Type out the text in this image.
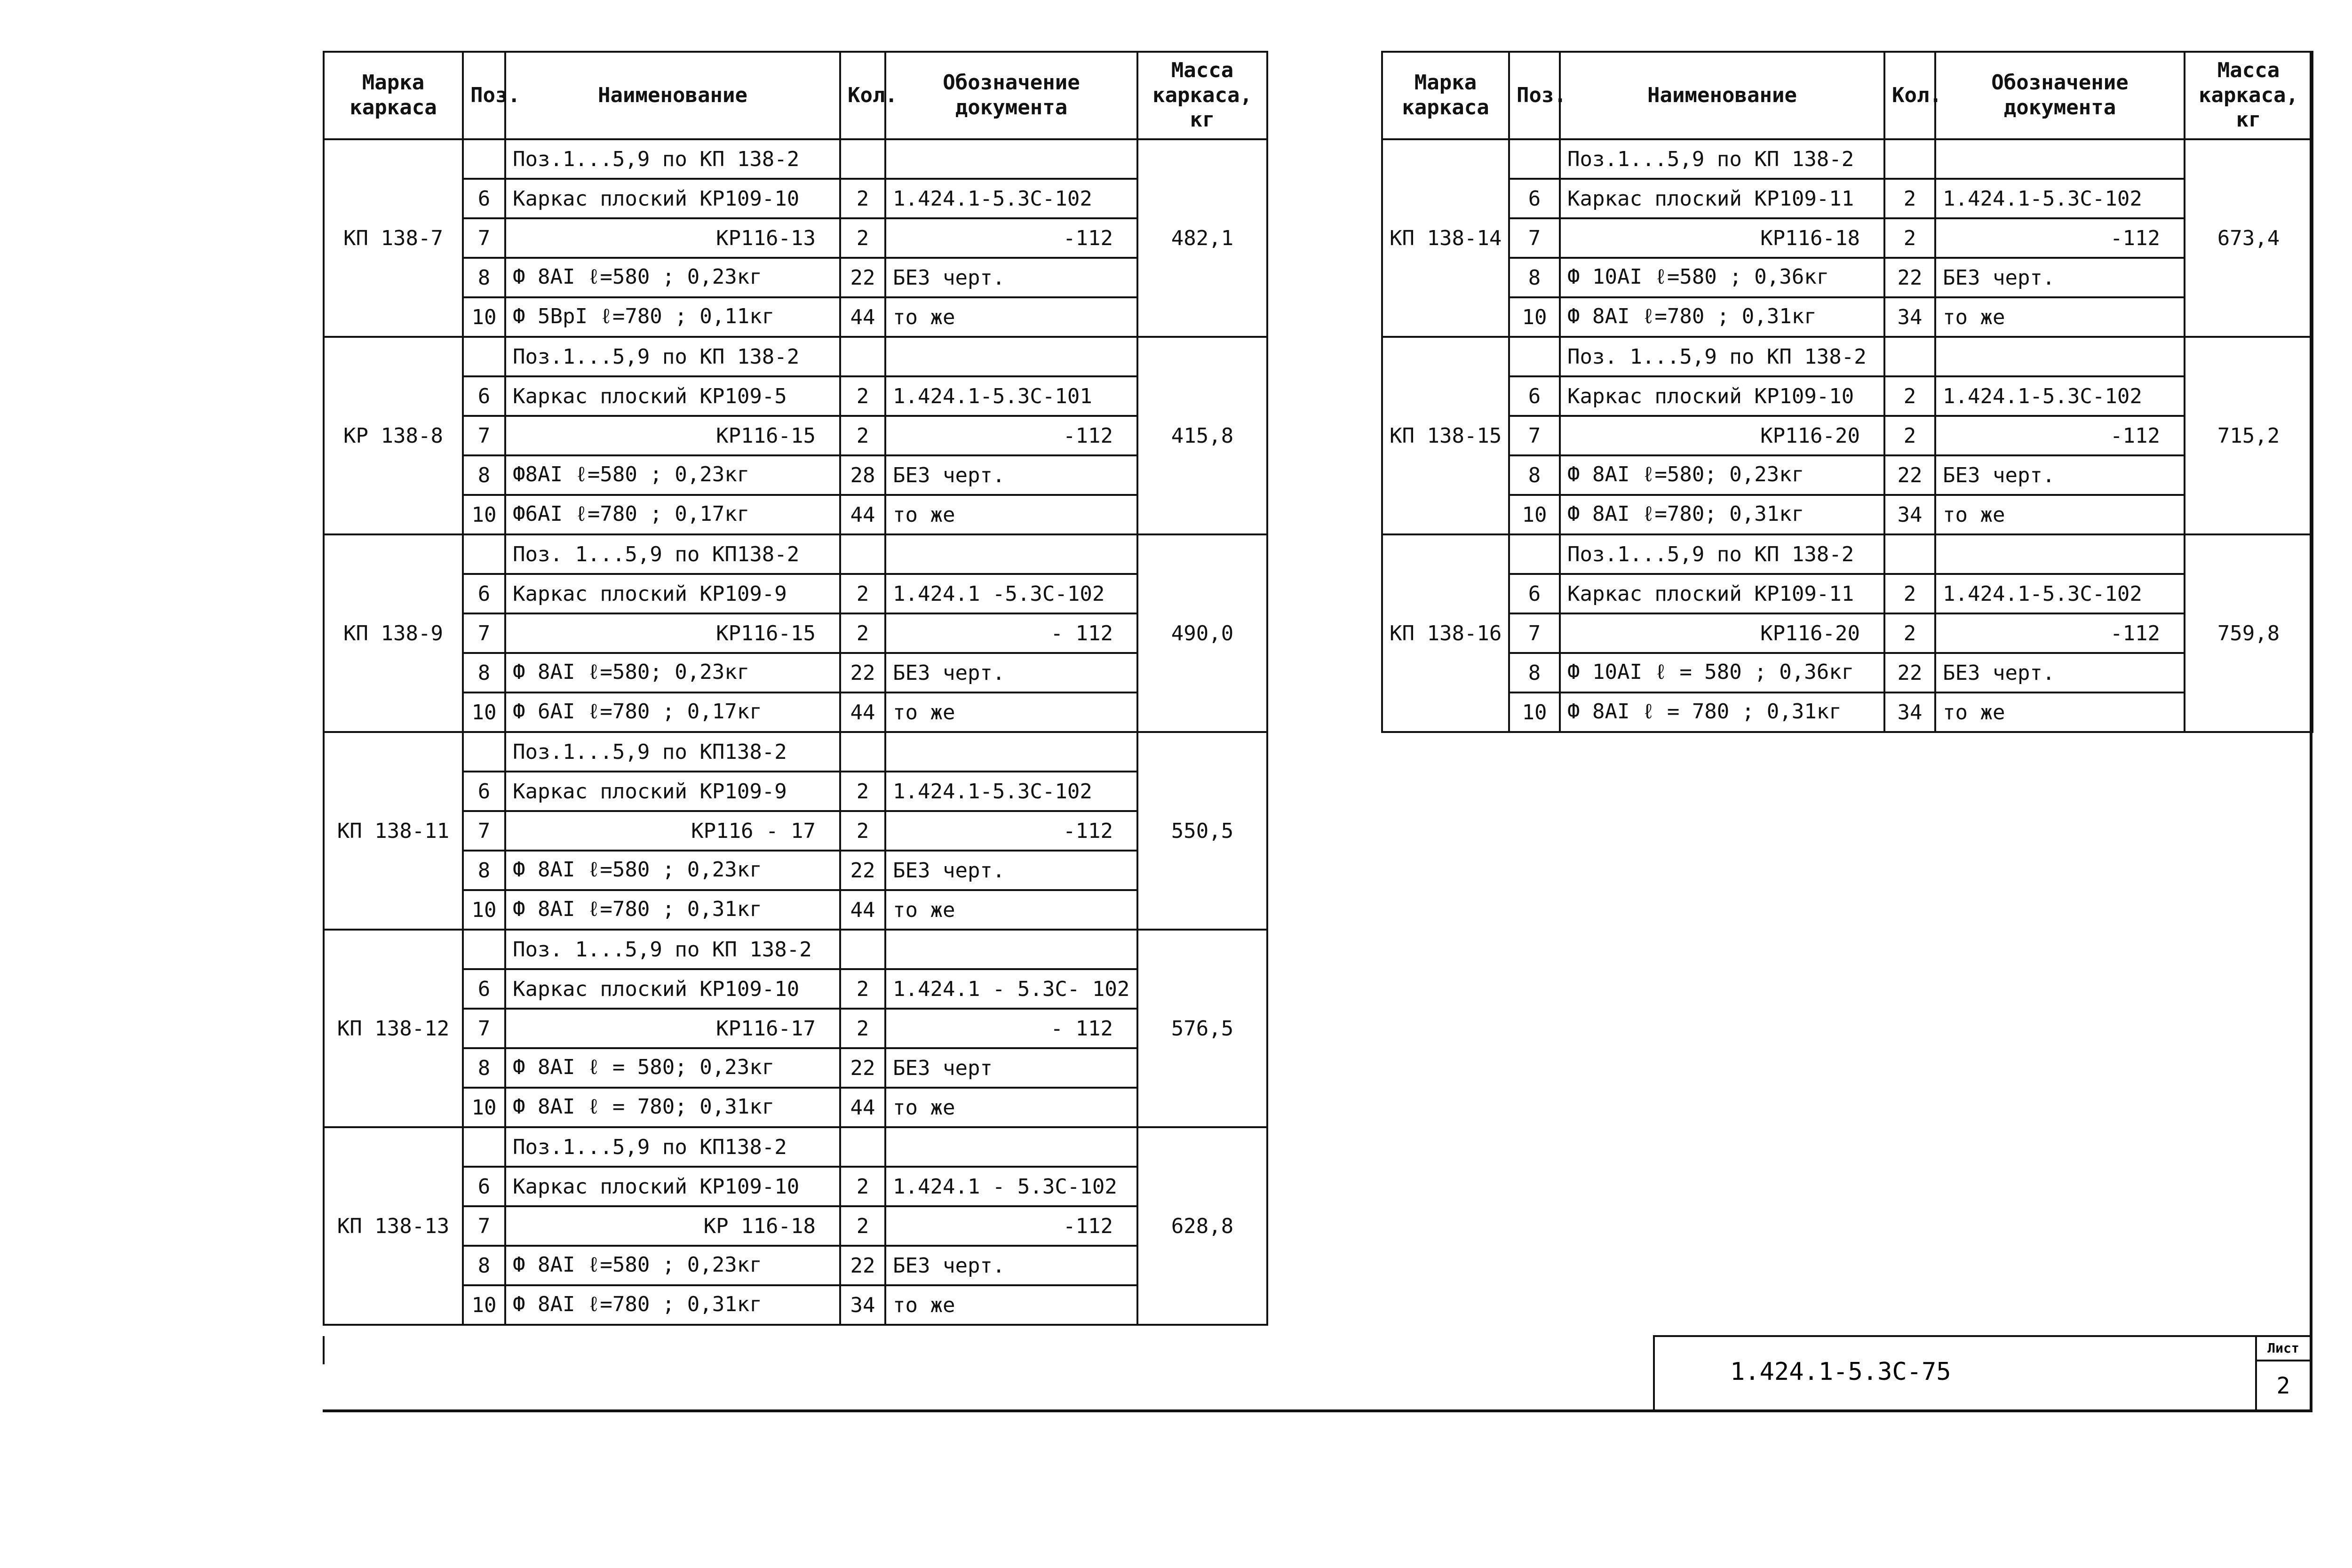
Марка каркаса	Поз.	Наименование	Кол.	Обозначение документа	Масса каркаса, кг
КП 138-7		Поз.1...5,9 по КП 138-2			482,1
	6	Каркас плоский КР109-10	2	1.424.1-5.3С-102	
	7	КР116-13	2	-112	
	8	Ф 8АI ℓ=580 ; 0,23кг	22	БЕЗ черт.	
	10	Ф 5ВрI ℓ=780 ; 0,11кг	44	то же	
КР 138-8		Поз.1...5,9 по КП 138-2			415,8
	6	Каркас плоский КР109-5	2	1.424.1-5.3С-101	
	7	КР116-15	2	-112	
	8	Ф8АI ℓ=580 ; 0,23кг	28	БЕЗ черт.	
	10	Ф6АI ℓ=780 ; 0,17кг	44	то же	
КП 138-9		Поз. 1...5,9 по КП138-2			490,0
	6	Каркас плоский КР109-9	2	1.424.1 -5.3С-102	
	7	КР116-15	2	- 112	
	8	Ф 8АI ℓ=580; 0,23кг	22	БЕЗ черт.	
	10	Ф 6АI ℓ=780 ; 0,17кг	44	то же	
КП 138-11		Поз.1...5,9 по КП138-2			550,5
	6	Каркас плоский КР109-9	2	1.424.1-5.3С-102	
	7	КР116 - 17	2	-112	
	8	Ф 8АI ℓ=580 ; 0,23кг	22	БЕЗ черт.	
	10	Ф 8АI ℓ=780 ; 0,31кг	44	то же	
КП 138-12		Поз. 1...5,9 по КП 138-2			576,5
	6	Каркас плоский КР109-10	2	1.424.1 - 5.3С- 102	
	7	КР116-17	2	- 112	
	8	Ф 8АI ℓ = 580; 0,23кг	22	БЕЗ черт	
	10	Ф 8АI ℓ = 780; 0,31кг	44	то же	
КП 138-13		Поз.1...5,9 по КП138-2			628,8
	6	Каркас плоский КР109-10	2	1.424.1 - 5.3С-102	
	7	КР 116-18	2	-112	
	8	Ф 8АI ℓ=580 ; 0,23кг	22	БЕЗ черт.	
	10	Ф 8АI ℓ=780 ; 0,31кг	34	то же	
Марка каркаса	Поз.	Наименование	Кол.	Обозначение документа	Масса каркаса, кг
КП 138-14		Поз.1...5,9 по КП 138-2			673,4
	6	Каркас плоский КР109-11	2	1.424.1-5.3С-102	
	7	КР116-18	2	-112	
	8	Ф 10АI ℓ=580 ; 0,36кг	22	БЕЗ черт.	
	10	Ф 8АI ℓ=780 ; 0,31кг	34	то же	
КП 138-15		Поз. 1...5,9 по КП 138-2			715,2
	6	Каркас плоский КР109-10	2	1.424.1-5.3С-102	
	7	КР116-20	2	-112	
	8	Ф 8АI ℓ=580; 0,23кг	22	БЕЗ черт.	
	10	Ф 8АI ℓ=780; 0,31кг	34	то же	
КП 138-16		Поз.1...5,9 по КП 138-2			759,8
	6	Каркас плоский КР109-11	2	1.424.1-5.3С-102	
	7	КР116-20	2	-112	
	8	Ф 10АI ℓ = 580 ; 0,36кг	22	БЕЗ черт.	
	10	Ф 8АI ℓ = 780 ; 0,31кг	34	то же	
1.424.1-5.3С-75
Лист
2
